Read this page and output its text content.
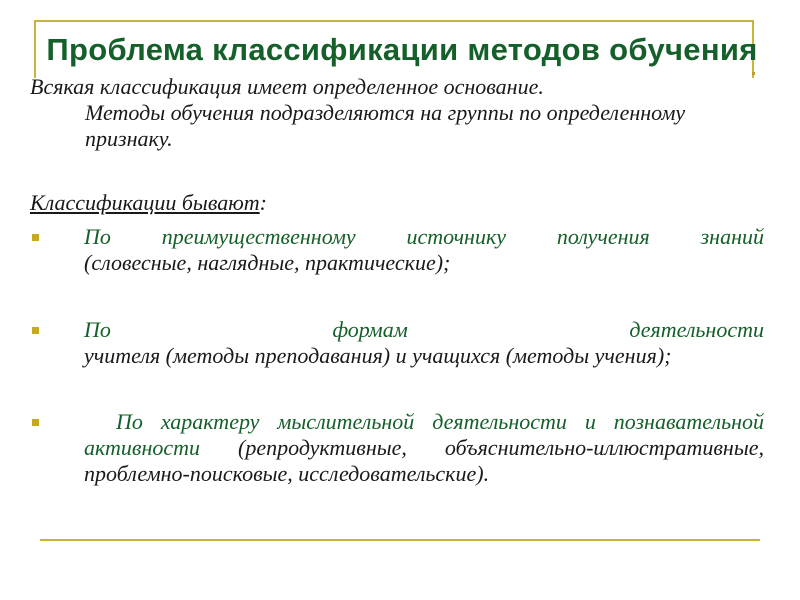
Проблема классификации методов обучения
Всякая классификация имеет определенное основание.
Методы обучения подразделяются на группы по определенному признаку.
Классификации бывают:
По преимущественному источнику получения знаний
(словесные, наглядные, практические);
По формам деятельности
учителя (методы преподавания) и учащихся (методы учения);
По характеру мыслительной деятельности и познавательной активности (репродуктивные, объяснительно-иллюстративные, проблемно-поисковые, исследовательские).
